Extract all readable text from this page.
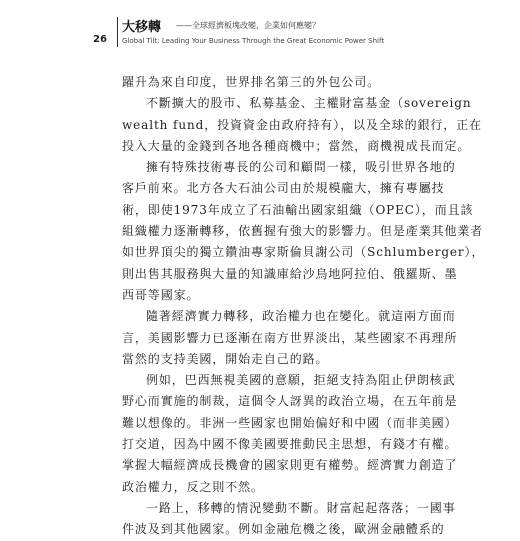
26
大移轉 ——全球經濟板塊改變，企業如何應變？
Global Tilt: Leading Your Business Through the Great Economic Power Shift
躍升為來自印度，世界排名第三的外包公司。
不斷擴大的股市、私募基金、主權財富基金（sovereign
wealth fund，投資資金由政府持有），以及全球的銀行，正在
投入大量的金錢到各地各種商機中；當然，商機視成長而定。
擁有特殊技術專長的公司和顧問一樣，吸引世界各地的
客戶前來。北方各大石油公司由於規模龐大，擁有專屬技
術，即使1973年成立了石油輸出國家組織（OPEC），而且該
組織權力逐漸轉移，依舊握有強大的影響力。但是產業其他業者
如世界頂尖的獨立鑽油專家斯倫貝謝公司（Schlumberger），
則出售其服務與大量的知識庫給沙烏地阿拉伯、俄羅斯、墨
西哥等國家。
隨著經濟實力轉移，政治權力也在變化。就這兩方面而
言，美國影響力已逐漸在南方世界淡出，某些國家不再理所
當然的支持美國，開始走自己的路。
例如，巴西無視美國的意願，拒絕支持為阻止伊朗核武
野心而實施的制裁，這個令人訝異的政治立場，在五年前是
難以想像的。非洲一些國家也開始偏好和中國（而非美國）
打交道，因為中國不像美國要推動民主思想，有錢才有權。
掌握大幅經濟成長機會的國家則更有權勢。經濟實力創造了
政治權力，反之則不然。
一路上，移轉的情況變動不斷。財富起起落落；一國事
件波及到其他國家。例如金融危機之後，歐洲金融體系的
